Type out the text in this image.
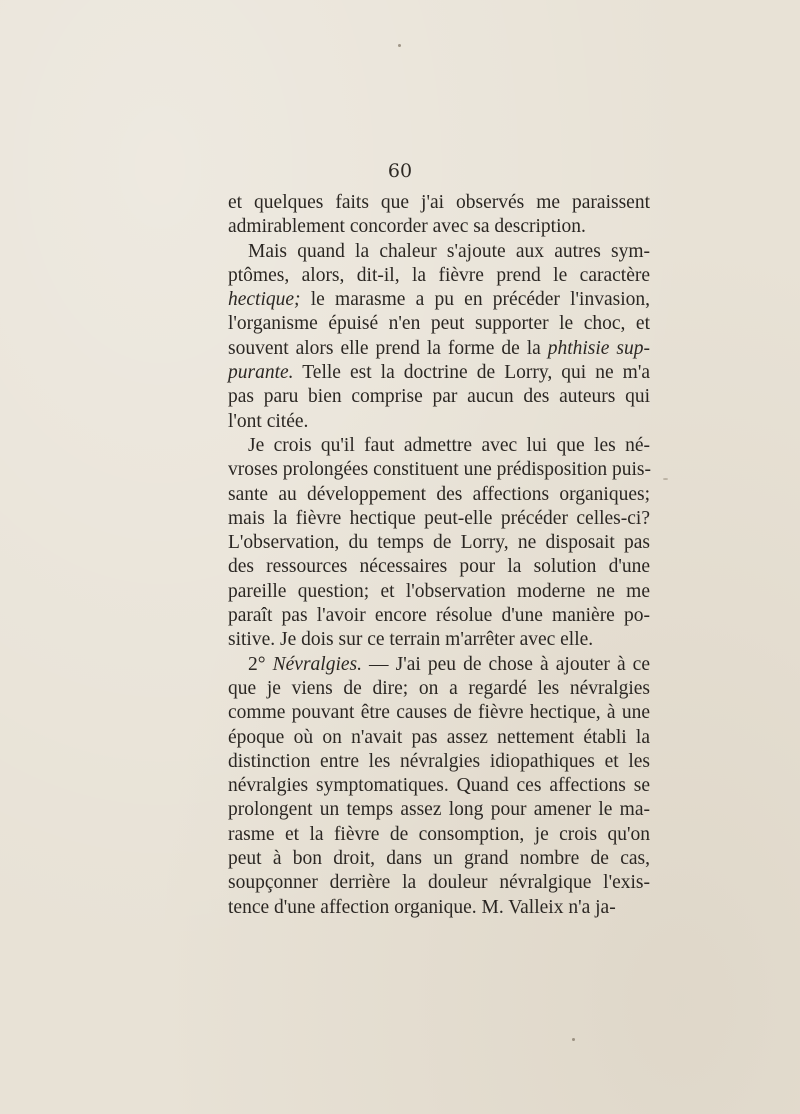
60
et quelques faits que j'ai observés me paraissent
admirablement concorder avec sa description.
Mais quand la chaleur s'ajoute aux autres sym-
ptômes, alors, dit-il, la fièvre prend le caractère
hectique; le marasme a pu en précéder l'invasion,
l'organisme épuisé n'en peut supporter le choc, et
souvent alors elle prend la forme de la phthisie sup-
purante. Telle est la doctrine de Lorry, qui ne m'a
pas paru bien comprise par aucun des auteurs qui
l'ont citée.
Je crois qu'il faut admettre avec lui que les né-
vroses prolongées constituent une prédisposition puis-
sante au développement des affections organiques;
mais la fièvre hectique peut-elle précéder celles-ci?
L'observation, du temps de Lorry, ne disposait pas
des ressources nécessaires pour la solution d'une
pareille question; et l'observation moderne ne me
paraît pas l'avoir encore résolue d'une manière po-
sitive. Je dois sur ce terrain m'arrêter avec elle.
2° Névralgies. — J'ai peu de chose à ajouter à ce
que je viens de dire; on a regardé les névralgies
comme pouvant être causes de fièvre hectique, à une
époque où on n'avait pas assez nettement établi la
distinction entre les névralgies idiopathiques et les
névralgies symptomatiques. Quand ces affections se
prolongent un temps assez long pour amener le ma-
rasme et la fièvre de consomption, je crois qu'on
peut à bon droit, dans un grand nombre de cas,
soupçonner derrière la douleur névralgique l'exis-
tence d'une affection organique. M. Valleix n'a ja-
